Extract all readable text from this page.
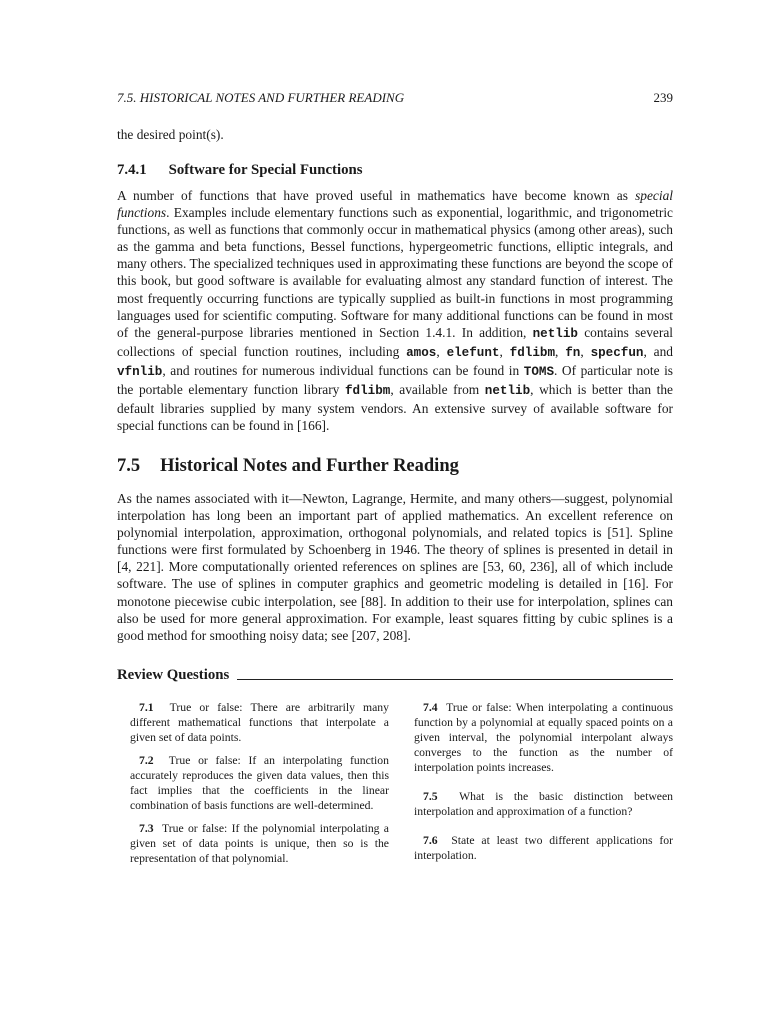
7.5. HISTORICAL NOTES AND FURTHER READING	239

the desired point(s).

7.4.1 Software for Special Functions

A number of functions that have proved useful in mathematics have become known as special functions. Examples include elementary functions such as exponential, logarithmic, and trigonometric functions, as well as functions that commonly occur in mathematical physics (among other areas), such as the gamma and beta functions, Bessel functions, hypergeometric functions, elliptic integrals, and many others. The specialized techniques used in approximating these functions are beyond the scope of this book, but good software is available for evaluating almost any standard function of interest. The most frequently occurring functions are typically supplied as built-in functions in most programming languages used for scientific computing. Software for many additional functions can be found in most of the general-purpose libraries mentioned in Section 1.4.1. In addition, netlib contains several collections of special function routines, including amos, elefunt, fdlibm, fn, specfun, and vfnlib, and routines for numerous individual functions can be found in TOMS. Of particular note is the portable elementary function library fdlibm, available from netlib, which is better than the default libraries supplied by many system vendors. An extensive survey of available software for special functions can be found in [166].

7.5 Historical Notes and Further Reading

As the names associated with it—Newton, Lagrange, Hermite, and many others—suggest, polynomial interpolation has long been an important part of applied mathematics. An excellent reference on polynomial interpolation, approximation, orthogonal polynomials, and related topics is [51]. Spline functions were first formulated by Schoenberg in 1946. The theory of splines is presented in detail in [4, 221]. More computationally oriented references on splines are [53, 60, 236], all of which include software. The use of splines in computer graphics and geometric modeling is detailed in [16]. For monotone piecewise cubic interpolation, see [88]. In addition to their use for interpolation, splines can also be used for more general approximation. For example, least squares fitting by cubic splines is a good method for smoothing noisy data; see [207, 208].

Review Questions

7.1 True or false: There are arbitrarily many different mathematical functions that interpolate a given set of data points.

7.2 True or false: If an interpolating function accurately reproduces the given data values, then this fact implies that the coefficients in the linear combination of basis functions are well-determined.

7.3 True or false: If the polynomial interpolating a given set of data points is unique, then so is the representation of that polynomial.

7.4 True or false: When interpolating a continuous function by a polynomial at equally spaced points on a given interval, the polynomial interpolant always converges to the function as the number of interpolation points increases.

7.5 What is the basic distinction between interpolation and approximation of a function?

7.6 State at least two different applications for interpolation.
